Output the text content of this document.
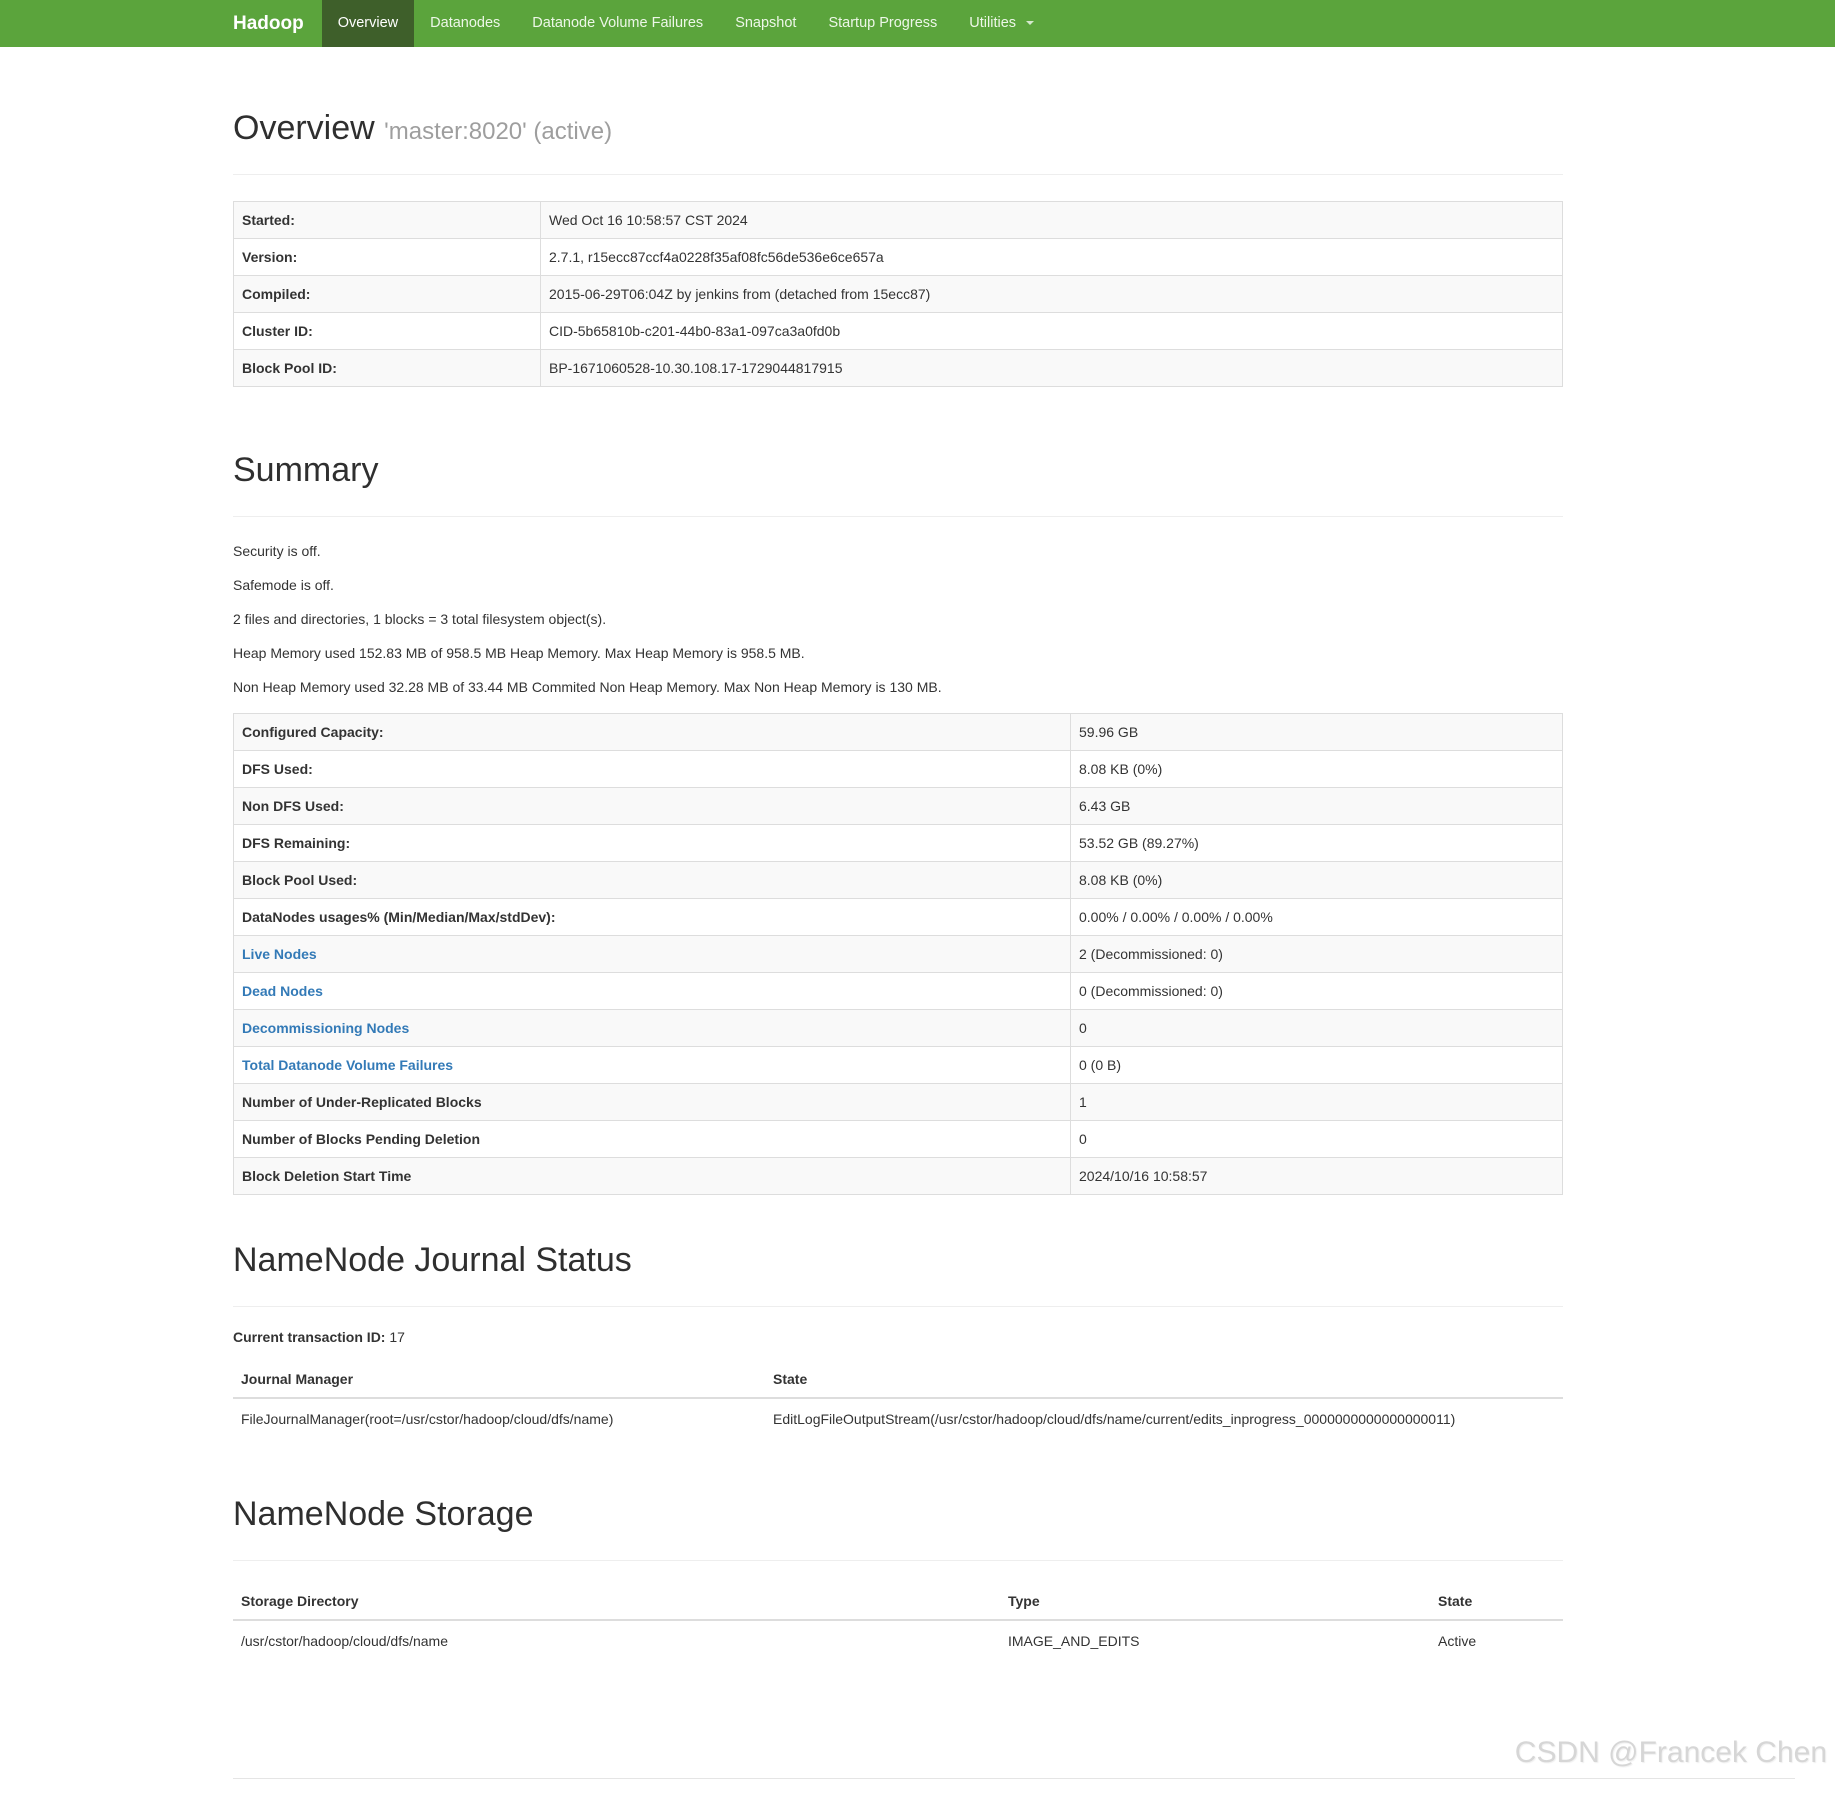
Hadoop	Overview	Datanodes	Datanode Volume Failures	Snapshot	Startup Progress	Utilities
Overview 'master:8020' (active)
Started:	Wed Oct 16 10:58:57 CST 2024
Version:	2.7.1, r15ecc87ccf4a0228f35af08fc56de536e6ce657a
Compiled:	2015-06-29T06:04Z by jenkins from (detached from 15ecc87)
Cluster ID:	CID-5b65810b-c201-44b0-83a1-097ca3a0fd0b
Block Pool ID:	BP-1671060528-10.30.108.17-1729044817915
Summary

Security is off.

Safemode is off.

2 files and directories, 1 blocks = 3 total filesystem object(s).

Heap Memory used 152.83 MB of 958.5 MB Heap Memory. Max Heap Memory is 958.5 MB.

Non Heap Memory used 32.28 MB of 33.44 MB Commited Non Heap Memory. Max Non Heap Memory is 130 MB.

Configured Capacity:	59.96 GB
DFS Used:	8.08 KB (0%)
Non DFS Used:	6.43 GB
DFS Remaining:	53.52 GB (89.27%)
Block Pool Used:	8.08 KB (0%)
DataNodes usages% (Min/Median/Max/stdDev):	0.00% / 0.00% / 0.00% / 0.00%
Live Nodes	2 (Decommissioned: 0)
Dead Nodes	0 (Decommissioned: 0)
Decommissioning Nodes	0
Total Datanode Volume Failures	0 (0 B)
Number of Under-Replicated Blocks	1
Number of Blocks Pending Deletion	0
Block Deletion Start Time	2024/10/16 10:58:57
NameNode Journal Status

Current transaction ID: 17

Journal Manager	State
FileJournalManager(root=/usr/cstor/hadoop/cloud/dfs/name)	EditLogFileOutputStream(/usr/cstor/hadoop/cloud/dfs/name/current/edits_inprogress_0000000000000000011)
NameNode Storage
Storage Directory	Type	State
/usr/cstor/hadoop/cloud/dfs/name	IMAGE_AND_EDITS	Active
CSDN @Francek Chen
